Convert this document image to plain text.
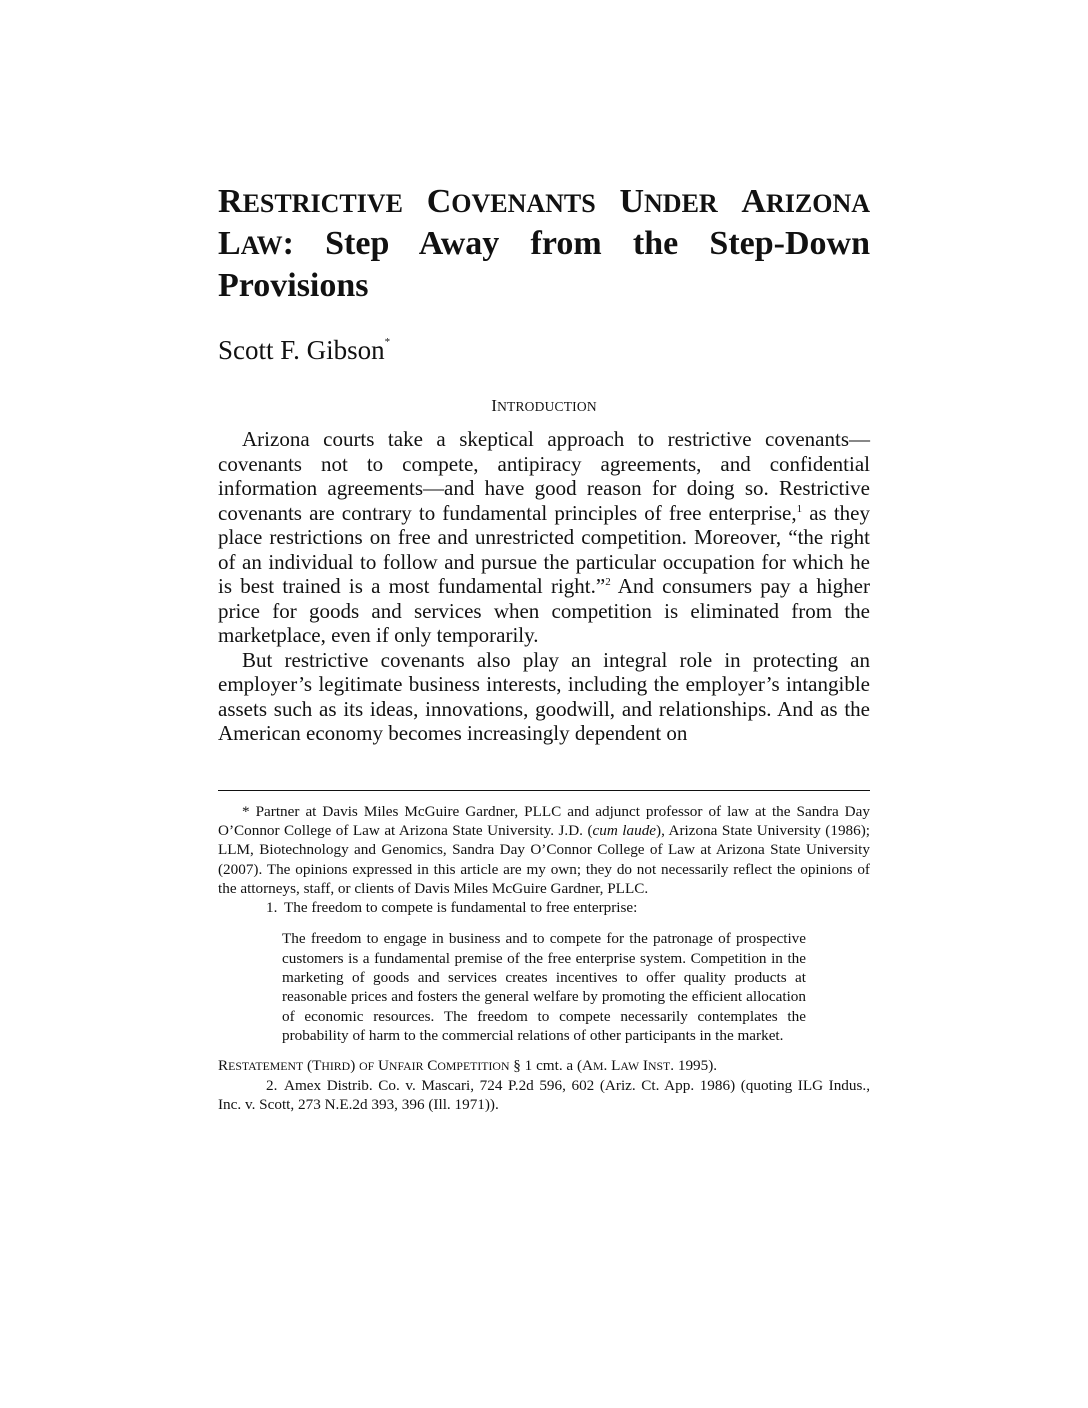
RESTRICTIVE COVENANTS UNDER ARIZONA
LAW: Step Away from the Step-Down
Provisions
Scott F. Gibson*
INTRODUCTION

Arizona courts take a skeptical approach to restrictive covenants—covenants not to compete, antipiracy agreements, and confidential information agreements—and have good reason for doing so. Restrictive covenants are contrary to fundamental principles of free enterprise,$^1$ as they place restrictions on free and unrestricted competition. Moreover, “the right of an individual to follow and pursue the particular occupation for which he is best trained is a most fundamental right.”$^2$ And consumers pay a higher price for goods and services when competition is eliminated from the marketplace, even if only temporarily.

But restrictive covenants also play an integral role in protecting an employer’s legitimate business interests, including the employer’s intangible assets such as its ideas, innovations, goodwill, and relationships. And as the American economy becomes increasingly dependent on

* Partner at Davis Miles McGuire Gardner, PLLC and adjunct professor of law at the Sandra Day O’Connor College of Law at Arizona State University. J.D. (cum laude), Arizona State University (1986); LLM, Biotechnology and Genomics, Sandra Day O’Connor College of Law at Arizona State University (2007). The opinions expressed in this article are my own; they do not necessarily reflect the opinions of the attorneys, staff, or clients of Davis Miles McGuire Gardner, PLLC.

1. The freedom to compete is fundamental to free enterprise:

The freedom to engage in business and to compete for the patronage of prospective customers is a fundamental premise of the free enterprise system. Competition in the marketing of goods and services creates incentives to offer quality products at reasonable prices and fosters the general welfare by promoting the efficient allocation of economic resources. The freedom to compete necessarily contemplates the probability of harm to the commercial relations of other participants in the market.

RESTATEMENT (THIRD) OF UNFAIR COMPETITION § 1 cmt. a (AM. LAW INST. 1995).

2. Amex Distrib. Co. v. Mascari, 724 P.2d 596, 602 (Ariz. Ct. App. 1986) (quoting ILG Indus., Inc. v. Scott, 273 N.E.2d 393, 396 (Ill. 1971)).
